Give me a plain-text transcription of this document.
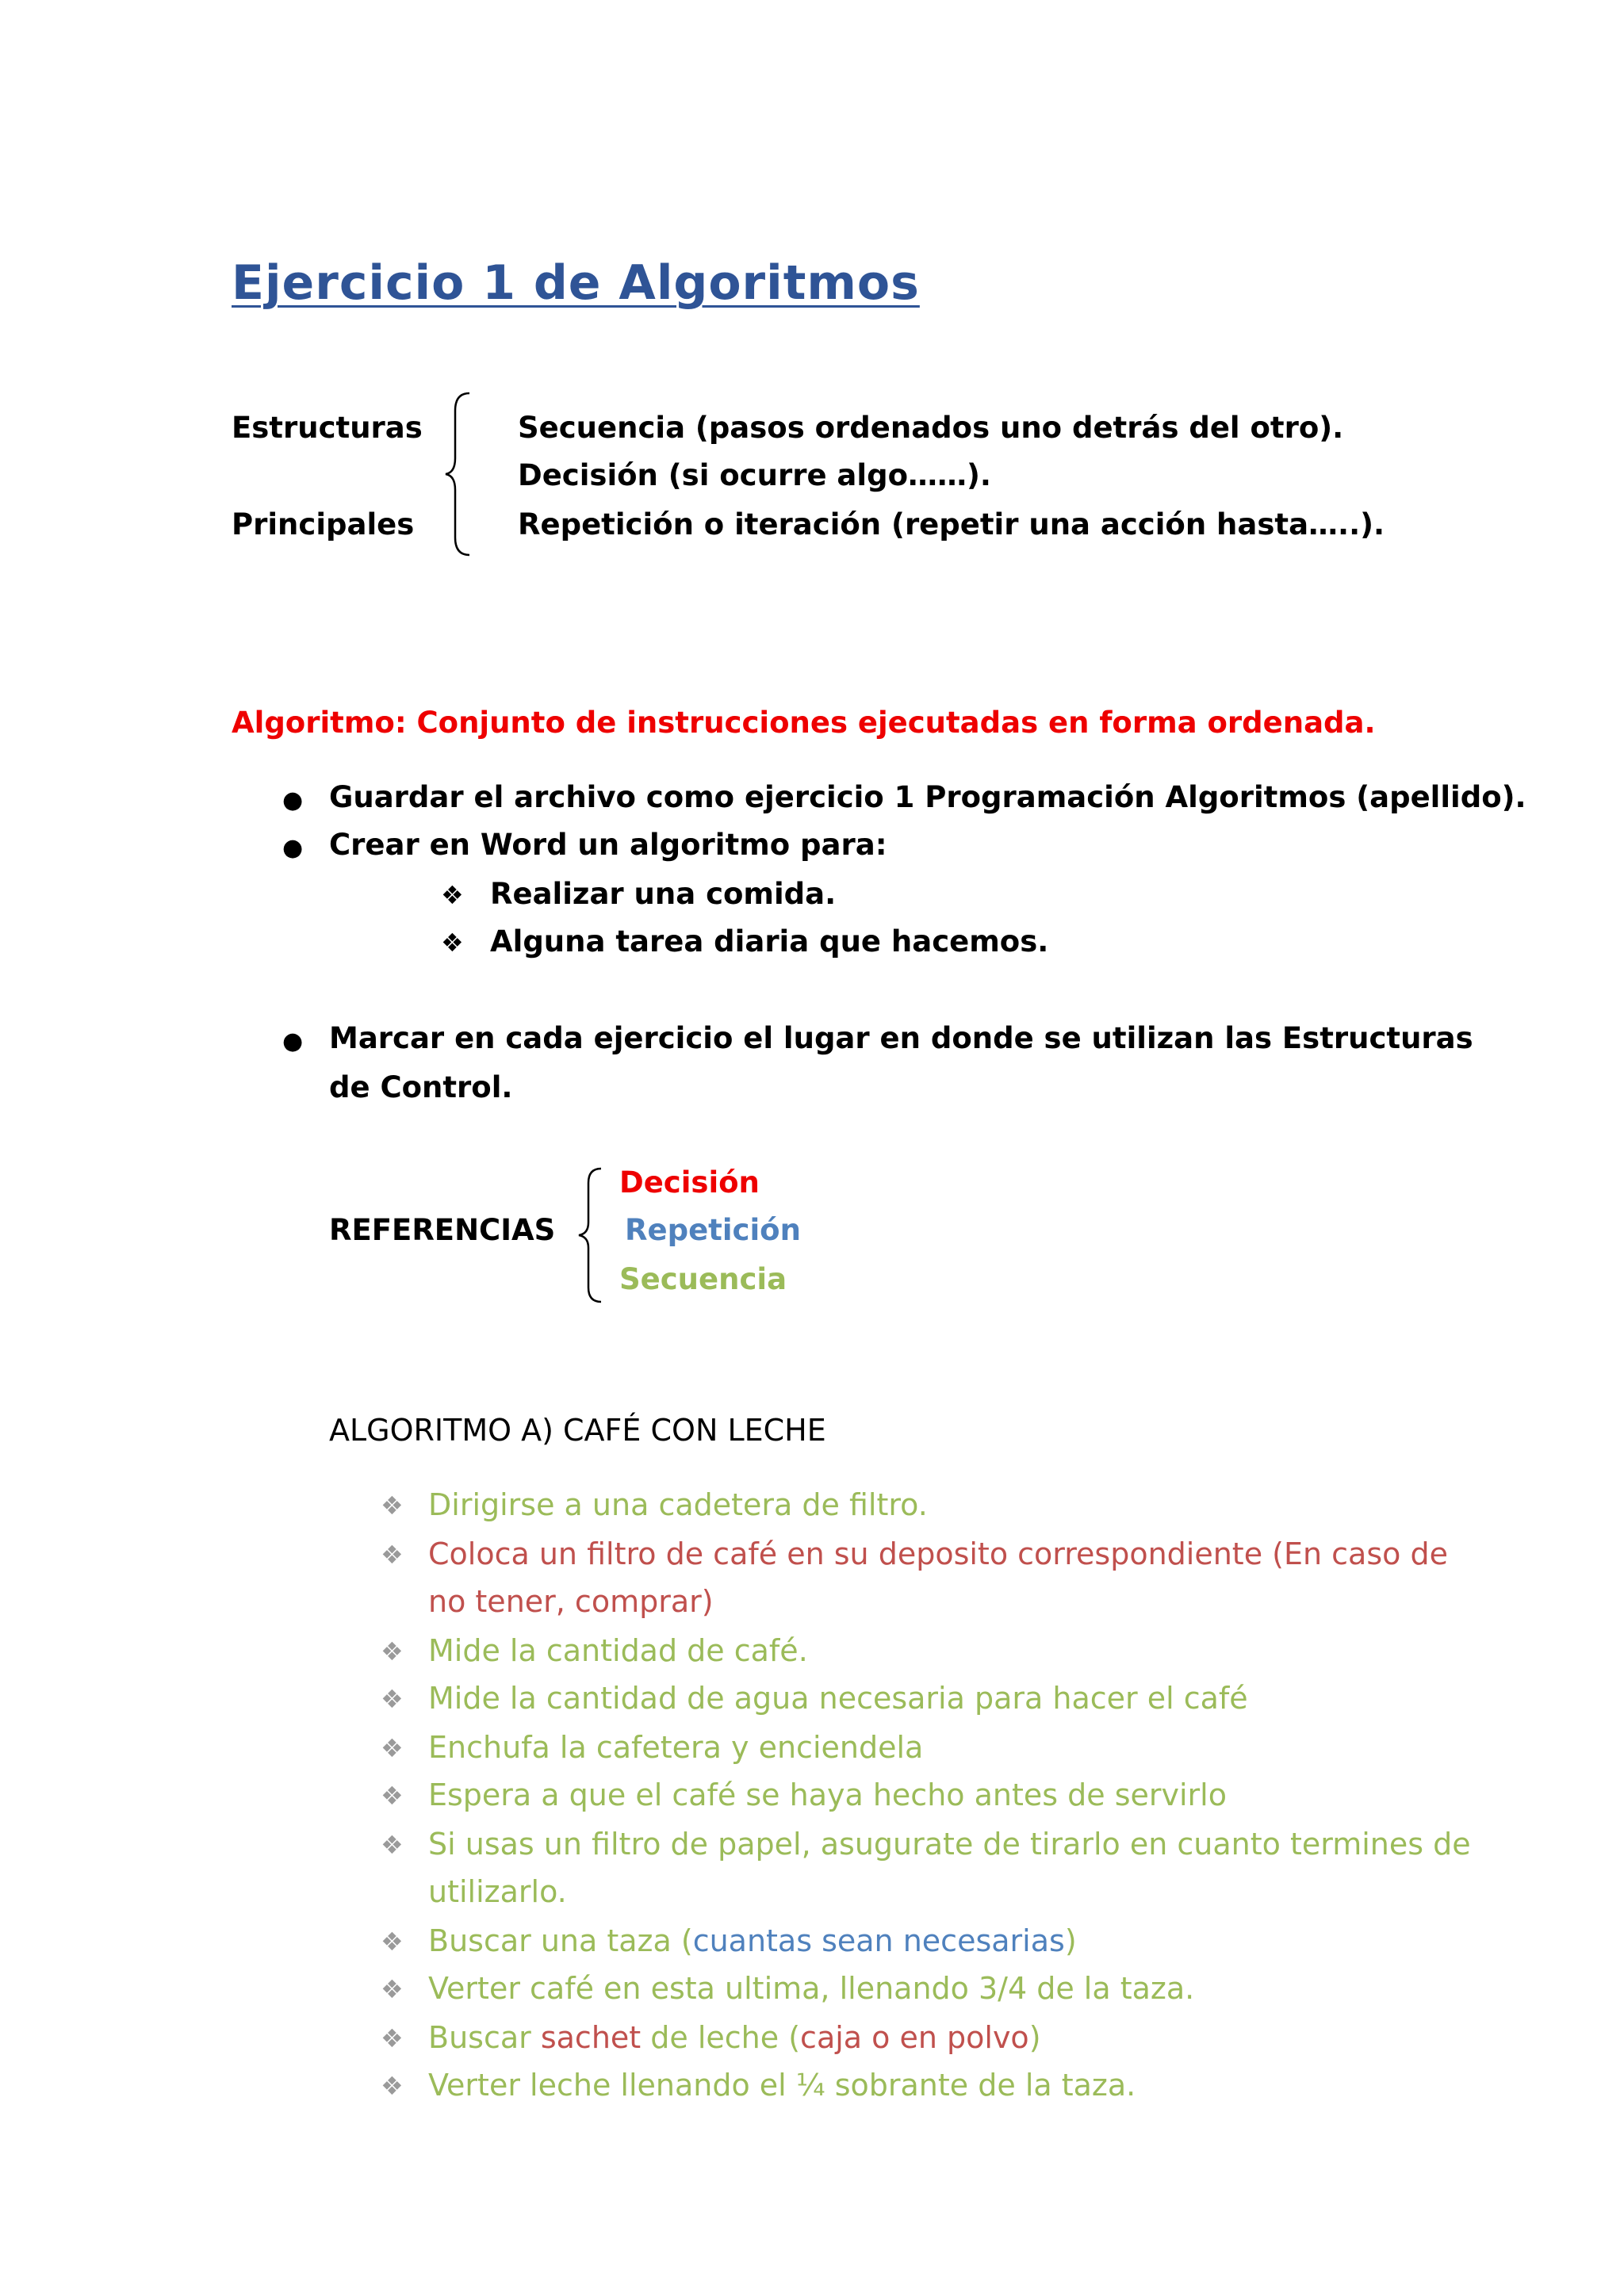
Ejercicio 1 de Algoritmos
Estructuras
Principales
Secuencia (pasos ordenados uno detrás del otro).
Decisión (si ocurre algo……).
Repetición o iteración (repetir una acción hasta…..).
Algoritmo: Conjunto de instrucciones ejecutadas en forma ordenada.
● Guardar el archivo como ejercicio 1 Programación Algoritmos (apellido).
● Crear en Word un algoritmo para:
❖ Realizar una comida.
❖ Alguna tarea diaria que hacemos.
● Marcar en cada ejercicio el lugar en donde se utilizan las Estructuras
de Control.
REFERENCIAS
Decisión
Repetición
Secuencia
ALGORITMO A) CAFÉ CON LECHE
❖ Dirigirse a una cadetera de filtro.
❖ Coloca un filtro de café en su deposito correspondiente (En caso de
no tener, comprar)
❖ Mide la cantidad de café.
❖ Mide la cantidad de agua necesaria para hacer el café
❖ Enchufa la cafetera y enciendela
❖ Espera a que el café se haya hecho antes de servirlo
❖ Si usas un filtro de papel, asugurate de tirarlo en cuanto termines de
utilizarlo.
❖ Buscar una taza (cuantas sean necesarias)
❖ Verter café en esta ultima, llenando 3/4 de la taza.
❖ Buscar sachet de leche (caja o en polvo)
❖ Verter leche llenando el ¼ sobrante de la taza.
